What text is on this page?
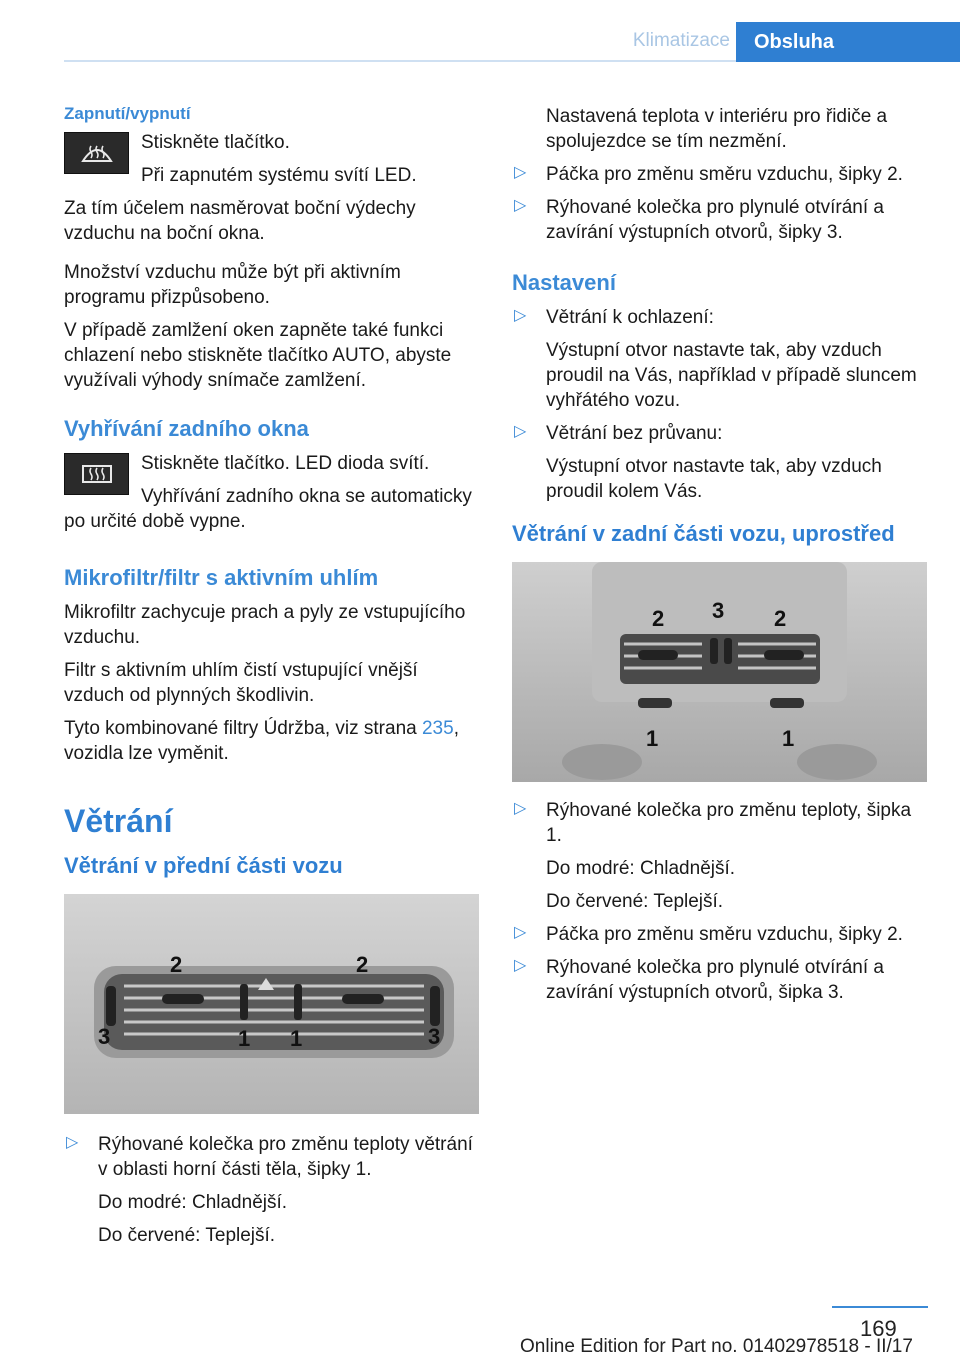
Klimatizace	Obsluha
Zapnutí/vypnutí

Stiskněte tlačítko.

Při zapnutém systému svítí LED.

Za tím účelem nasměrovat boční výdechy vzduchu na boční okna.

Množství vzduchu může být při aktivním programu přizpůsobeno.

V případě zamlžení oken zapněte také funkci chlazení nebo stiskněte tlačítko AUTO, abyste využívali výhody snímače zamlžení.

Vyhřívání zadního okna

Stiskněte tlačítko. LED dioda svítí.

Vyhřívání zadního okna se automaticky po určité době vypne.

Mikrofiltr/filtr s aktivním uhlím

Mikrofiltr zachycuje prach a pyly ze vstupujícího vzduchu.

Filtr s aktivním uhlím čistí vstupující vnější vzduch od plynných škodlivin.

Tyto kombinované filtry Údržba, viz strana 235, vozidla lze vyměnit.

Větrání
Větrání v přední části vozu
2	2
3	1 1	3
▷ Rýhované kolečka pro změnu teploty větrání v oblasti horní části těla, šipky 1.

Do modré: Chladnější.

Do červené: Teplejší.

Nastavená teplota v interiéru pro řidiče a spolujezdce se tím nezmění.

▷ Páčka pro změnu směru vzduchu, šipky 2.

▷ Rýhované kolečka pro plynulé otvírání a zavírání výstupních otvorů, šipky 3.

Nastavení
▷ Větrání k ochlazení:

Výstupní otvor nastavte tak, aby vzduch proudil na Vás, například v případě sluncem vyhřátého vozu.

▷ Větrání bez průvanu:

Výstupní otvor nastavte tak, aby vzduch proudil kolem Vás.

Větrání v zadní části vozu, uprostřed
2 3 2
1	1
▷ Rýhované kolečka pro změnu teploty, šipka 1.

Do modré: Chladnější.

Do červené: Teplejší.

▷ Páčka pro změnu směru vzduchu, šipky 2.

▷ Rýhované kolečka pro plynulé otvírání a zavírání výstupních otvorů, šipka 3.

169
Online Edition for Part no. 01402978518 - II/17
